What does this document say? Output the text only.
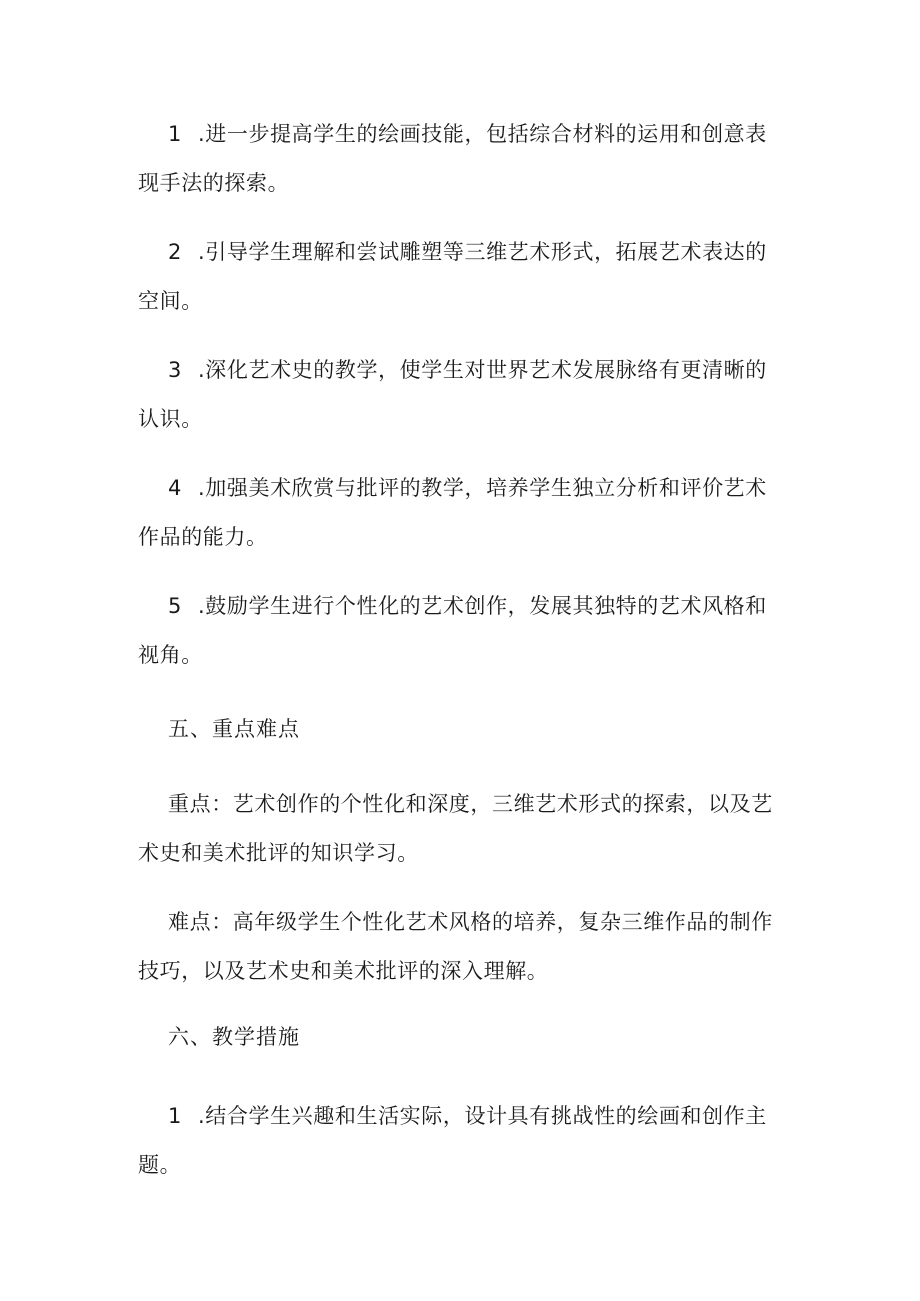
1 .进一步提高学生的绘画技能，包括综合材料的运用和创意表现手法的探索。

2 .引导学生理解和尝试雕塑等三维艺术形式，拓展艺术表达的空间。

3 .深化艺术史的教学，使学生对世界艺术发展脉络有更清晰的认识。

4 .加强美术欣赏与批评的教学，培养学生独立分析和评价艺术作品的能力。

5 .鼓励学生进行个性化的艺术创作，发展其独特的艺术风格和视角。

五、重点难点

重点：艺术创作的个性化和深度，三维艺术形式的探索，以及艺术史和美术批评的知识学习。

难点：高年级学生个性化艺术风格的培养，复杂三维作品的制作技巧，以及艺术史和美术批评的深入理解。

六、教学措施

1 .结合学生兴趣和生活实际，设计具有挑战性的绘画和创作主题。
